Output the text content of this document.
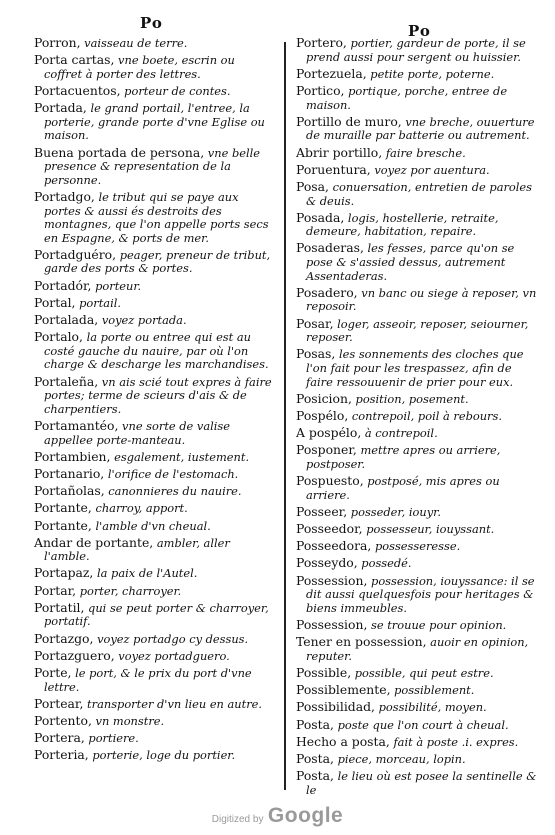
Po	Po
Porron, vaisseau de terre.
Porta cartas, vne boete, escrin ou coffret à porter des lettres.
Portacuentos, porteur de contes.
Portada, le grand portail, l'entree, la porterie, grande porte d'vne Eglise ou maison.
Buena portada de persona, vne belle presence & representation de la personne.
Portadgo, le tribut qui se paye aux portes & aussi és destroits des montagnes, que l'on appelle ports secs en Espagne, & ports de mer.
Portadguéro, peager, preneur de tribut, garde des ports & portes.
Portadór, porteur.
Portal, portail.
Portalada, voyez portada.
Portalo, la porte ou entree qui est au costé gauche du nauire, par où l'on charge & descharge les marchandises.
Portaleña, vn ais scié tout expres à faire portes; terme de scieurs d'ais & de charpentiers.
Portamantéo, vne sorte de valise appellee porte-manteau.
Portambien, esgalement, iustement.
Portanario, l'orifice de l'estomach.
Portañolas, canonnieres du nauire.
Portante, charroy, apport.
Portante, l'amble d'vn cheual.
Andar de portante, ambler, aller l'amble.
Portapaz, la paix de l'Autel.
Portar, porter, charroyer.
Portatil, qui se peut porter & charroyer, portatif.
Portazgo, voyez portadgo cy dessus.
Portazguero, voyez portadguero.
Porte, le port, & le prix du port d'vne lettre.
Portear, transporter d'vn lieu en autre.
Portento, vn monstre.
Portera, portiere.
Porteria, porterie, loge du portier.
Portero, portier, gardeur de porte, il se prend aussi pour sergent ou huissier.
Portezuela, petite porte, poterne.
Portico, portique, porche, entree de maison.
Portillo de muro, vne breche, ouuerture de muraille par batterie ou autrement.
Abrir portillo, faire bresche.
Poruentura, voyez por auentura.
Posa, conuersation, entretien de paroles & deuis.
Posada, logis, hostellerie, retraite, demeure, habitation, repaire.
Posaderas, les fesses, parce qu'on se pose & s'assied dessus, autrement Assentaderas.
Posadero, vn banc ou siege à reposer, vn reposoir.
Posar, loger, asseoir, reposer, seiourner, reposer.
Posas, les sonnements des cloches que l'on fait pour les trespassez, afin de faire ressouuenir de prier pour eux.
Posicion, position, posement.
Pospélo, contrepoil, poil à rebours.
A pospélo, à contrepoil.
Posponer, mettre apres ou arriere, postposer.
Pospuesto, postposé, mis apres ou arriere.
Posseer, posseder, iouyr.
Posseedor, possesseur, iouyssant.
Posseedora, possesseresse.
Posseydo, possedé.
Possession, possession, iouyssance: il se dit aussi quelquesfois pour heritages & biens immeubles.
Possession, se trouue pour opinion.
Tener en possession, auoir en opinion, reputer.
Possible, possible, qui peut estre.
Possiblemente, possiblement.
Possibilidad, possibilité, moyen.
Posta, poste que l'on court à cheual.
Hecho a posta, fait à poste .i. expres.
Posta, piece, morceau, lopin.
Posta, le lieu où est posee la sentinelle & le
Digitized by Google
